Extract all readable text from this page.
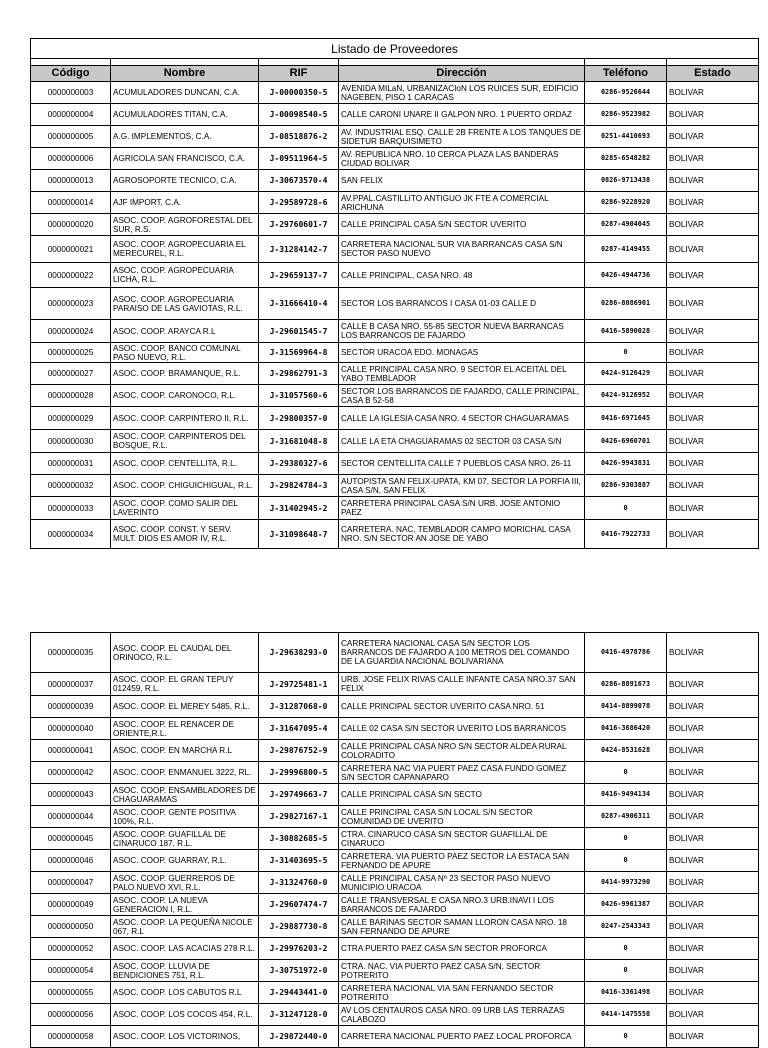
Listado de Proveedores					

Código	Nombre	RIF	Dirección	Teléfono	Estado
0000000003	ACUMULADORES DUNCAN, C.A.	J-00000350-5	AVENIDA MILaN, URBANIZACIoN LOS RUICES SUR, EDIFICIO NAGEBEN, PISO 1 CARACAS	0286-9526644	BOLIVAR
0000000004	ACUMULADORES TITAN, C.A.	J-00098540-5	CALLE CARONI UNARE II GALPON NRO. 1 PUERTO ORDAZ	0286-9523982	BOLIVAR
0000000005	A.G. IMPLEMENTOS, C.A.	J-08518876-2	AV. INDUSTRIAL ESQ. CALLE 2B FRENTE A LOS TANQUES DE SIDETUR BARQUISIMETO	0251-4410693	BOLIVAR
0000000006	AGRICOLA SAN FRANCISCO, C.A.	J-09511964-5	AV. REPUBLICA NRO. 10 CERCA PLAZA LAS BANDERAS CIUDAD BOLIVAR	0285-6548282	BOLIVAR
0000000013	AGROSOPORTE TECNICO, C.A.	J-30673570-4	SAN FELIX	0826-9713438	BOLIVAR
0000000014	AJF IMPORT, C.A.	J-29589728-6	AV.PPAL.CASTILLITO ANTIGUO JK FTE A COMERCIAL ARICHUNA	0286-9228920	BOLIVAR
0000000020	ASOC. COOP. AGROFORESTAL DEL SUR, R.S.	J-29760601-7	CALLE PRINCIPAL CASA S/N SECTOR UVERITO	0287-4904045	BOLIVAR
0000000021	ASOC. COOP. AGROPECUARIA EL MERECUREL, R.L.	J-31284142-7	CARRETERA NACIONAL SUR VIA BARRANCAS CASA S/N SECTOR PASO NUEVO	0287-4149455	BOLIVAR
0000000022	ASOC. COOP. AGROPECUARIA LICHA, R.L.	J-29659137-7	CALLE PRINCIPAL, CASA NRO. 48	0426-4944736	BOLIVAR
0000000023	ASOC. COOP. AGROPECUARIA PARAISO DE LAS GAVIOTAS, R.L.	J-31666410-4	SECTOR LOS BARRANCOS I CASA 01-03 CALLE D	0286-8086901	BOLIVAR
0000000024	ASOC. COOP. ARAYCA R.L	J-29601545-7	CALLE B CASA NRO. 55-85 SECTOR NUEVA BARRANCAS LOS BARRANCOS DE FAJARDO	0416-5890028	BOLIVAR
0000000025	ASOC. COOP. BANCO COMUNAL PASO NUEVO, R.L.	J-31569964-8	SECTOR URACOA EDO. MONAGAS	0	BOLIVAR
0000000027	ASOC. COOP. BRAMANQUE, R.L.	J-29862791-3	CALLE PRINCIPAL CASA NRO. 9 SECTOR EL ACEITAL DEL YABO TEMBLADOR	0424-9126429	BOLIVAR
0000000028	ASOC. COOP. CARONOCO, R.L.	J-31057560-6	SECTOR LOS BARRANCOS DE FAJARDO, CALLE PRINCIPAL, CASA B 52-58	0424-9126952	BOLIVAR
0000000029	ASOC. COOP. CARPINTERO II, R.L.	J-29800357-0	CALLE LA IGLESIA CASA NRO. 4 SECTOR CHAGUARAMAS	0416-6971645	BOLIVAR
0000000030	ASOC. COOP. CARPINTEROS DEL BOSQUE, R.L.	J-31681048-8	CALLE LA ETA CHAGUARAMAS 02 SECTOR 03 CASA S/N	0426-6960701	BOLIVAR
0000000031	ASOC. COOP. CENTELLITA, R.L.	J-29380327-6	SECTOR CENTELLITA CALLE 7 PUEBLOS CASA NRO. 26-11	0426-9943831	BOLIVAR
0000000032	ASOC. COOP. CHIGUICHIGUAL, R.L.	J-29824784-3	AUTOPISTA SAN FELIX-UPATA, KM 07, SECTOR LA PORFIA III, CASA S/N, SAN FELIX	0286-9303887	BOLIVAR
0000000033	ASOC. COOP. COMO SALIR DEL LAVERINTO	J-31402945-2	CARRETERA PRINCIPAL CASA S/N URB. JOSE ANTONIO PAEZ	0	BOLIVAR
0000000034	ASOC. COOP. CONST. Y SERV. MULT. DIOS ES AMOR IV, R.L.	J-31098648-7	CARRETERA. NAC. TEMBLADOR CAMPO MORICHAL CASA NRO. S/N SECTOR AN JOSE DE YABO	0416-7922733	BOLIVAR
0000000035	ASOC. COOP. EL CAUDAL DEL ORINOCO, R.L.	J-29638293-0	CARRETERA NACIONAL CASA S/N SECTOR LOS BARRANCOS DE FAJARDO A 100 METROS DEL COMANDO DE LA GUARDIA NACIONAL BOLIVARIANA	0416-4978786	BOLIVAR
0000000037	ASOC. COOP. EL GRAN TEPUY 012459, R.L.	J-29725481-1	URB. JOSE FELIX RIVAS CALLE INFANTE CASA NRO.37 SAN FELIX	0286-8891673	BOLIVAR
0000000039	ASOC. COOP. EL MEREY 5485, R.L.	J-31287068-0	CALLE PRINCIPAL SECTOR UVERITO CASA NRO. 51	0414-8899078	BOLIVAR
0000000040	ASOC. COOP. EL RENACER DE ORIENTE,R.L.	J-31647095-4	CALLE 02 CASA S/N SECTOR UVERITO LOS BARRANCOS	0416-3686420	BOLIVAR
0000000041	ASOC. COOP. EN MARCHA R.L	J-29876752-9	CALLE PRINCIPAL CASA NRO S/N SECTOR ALDEA RURAL COLORADITO	0424-8531628	BOLIVAR
0000000042	ASOC. COOP. ENMANUEL 3222, RL.	J-29996800-5	CARRETERA NAC VIA PUERT PAEZ CASA FUNDO GOMEZ S/N SECTOR CAPANAPARO	0	BOLIVAR
0000000043	ASOC. COOP. ENSAMBLADORES DE CHAGUARAMAS	J-29749663-7	CALLE PRINCIPAL CASA S/N SECTO	0416-9494134	BOLIVAR
0000000044	ASOC. COOP. GENTE POSITIVA 100%, R.L.	J-29827167-1	CALLE PRINCIPAL CASA S/N LOCAL S/N SECTOR COMUNIDAD DE UVERITO	0287-4906311	BOLIVAR
0000000045	ASOC. COOP. GUAFILLAL DE CINARUCO 187, R.L.	J-30882685-5	CTRA. CINARUCO CASA S/N SECTOR GUAFILLAL DE CINARUCO	0	BOLIVAR
0000000046	ASOC. COOP. GUARRAY, R.L.	J-31403695-5	CARRETERA. VIA PUERTO PAEZ SECTOR LA ESTACA SAN FERNANDO DE APURE	0	BOLIVAR
0000000047	ASOC. COOP. GUERREROS DE PALO NUEVO XVI, R.L.	J-31324760-0	CALLE PRINCIPAL CASA Nº 23 SECTOR PASO NUEVO MUNICIPIO URACOA	0414-9973290	BOLIVAR
0000000049	ASOC. COOP. LA NUEVA GENERACION I, R.L.	J-29607474-7	CALLE TRANSVERSAL E CASA NRO.3 URB.INAVI I LOS BARRANCOS DE FAJARDO	0426-9961387	BOLIVAR
0000000050	ASOC. COOP. LA PEQUEÑA NICOLE 067, R.L	J-29887730-8	CALLE BARINAS SECTOR SAMAN LLORON CASA NRO. 18 SAN FERNANDO DE APURE	0247-2543343	BOLIVAR
0000000052	ASOC. COOP. LAS ACACIAS 278 R.L.	J-29976203-2	CTRA PUERTO PAEZ CASA S/N SECTOR PROFORCA	0	BOLIVAR
0000000054	ASOC. COOP. LLUVIA DE BENDICIONES 751, R.L.	J-30751972-0	CTRA. NAC. VIA PUERTO PAEZ CASA S/N, SECTOR POTRERITO	0	BOLIVAR
0000000055	ASOC. COOP. LOS CABUTOS R.L	J-29443441-0	CARRETERA NACIONAL VIA SAN FERNANDO SECTOR POTRERITO	0416-3361498	BOLIVAR
0000000056	ASOC. COOP. LOS COCOS 454, R.L.	J-31247128-0	AV LOS CENTAUROS CASA NRO. 09 URB LAS TERRAZAS CALABOZO	0414-1475558	BOLIVAR
0000000058	ASOC. COOP. LOS VICTORINOS,	J-29872440-0	CARRETERA NACIONAL PUERTO PAEZ LOCAL PROFORCA	0	BOLIVAR
